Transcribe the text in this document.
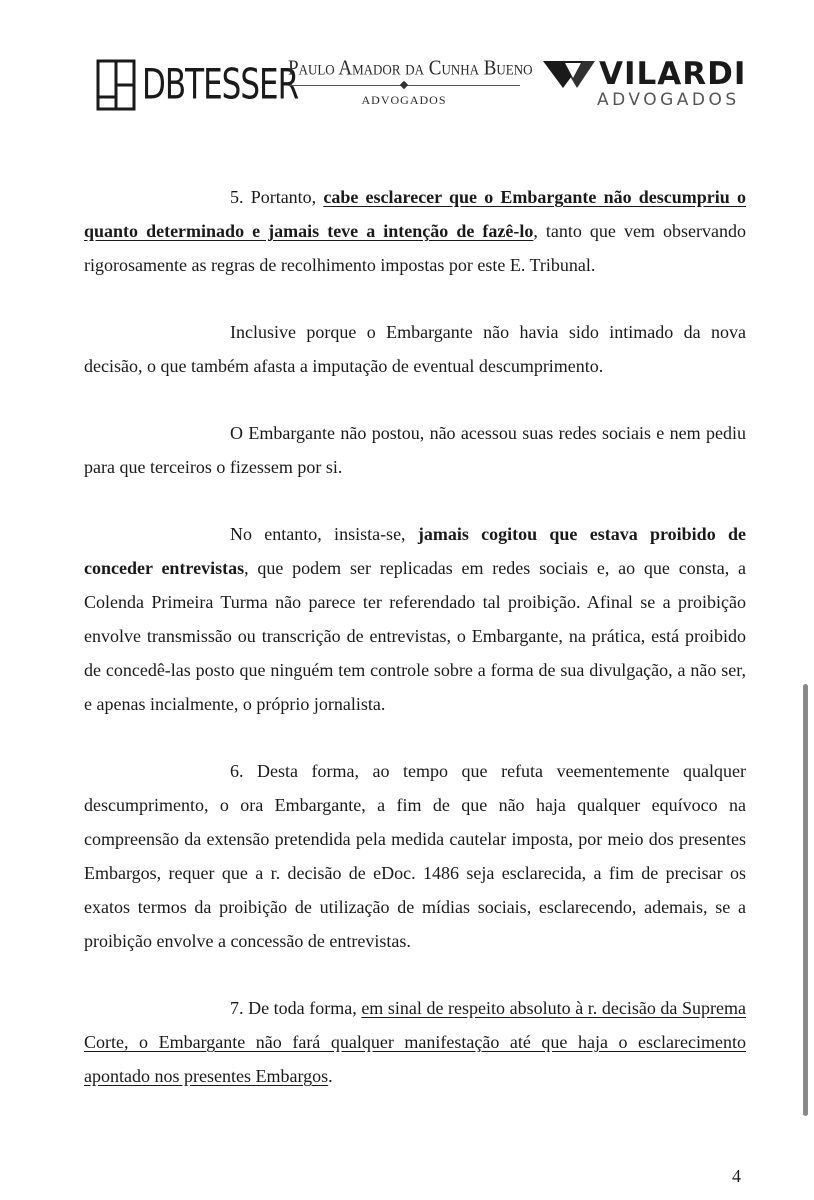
DBTESSER
Paulo Amador da Cunha Bueno
ADVOGADOS
VILARDI
ADVOGADOS

5. Portanto, cabe esclarecer que o Embargante não descumpriu o quanto determinado e jamais teve a intenção de fazê-lo, tanto que vem observando rigorosamente as regras de recolhimento impostas por este E. Tribunal.

Inclusive porque o Embargante não havia sido intimado da nova decisão, o que também afasta a imputação de eventual descumprimento.

O Embargante não postou, não acessou suas redes sociais e nem pediu para que terceiros o fizessem por si.

No entanto, insista-se, jamais cogitou que estava proibido de conceder entrevistas, que podem ser replicadas em redes sociais e, ao que consta, a Colenda Primeira Turma não parece ter referendado tal proibição. Afinal se a proibição envolve transmissão ou transcrição de entrevistas, o Embargante, na prática, está proibido de concedê-las posto que ninguém tem controle sobre a forma de sua divulgação, a não ser, e apenas incialmente, o próprio jornalista.

6. Desta forma, ao tempo que refuta veementemente qualquer descumprimento, o ora Embargante, a fim de que não haja qualquer equívoco na compreensão da extensão pretendida pela medida cautelar imposta, por meio dos presentes Embargos, requer que a r. decisão de eDoc. 1486 seja esclarecida, a fim de precisar os exatos termos da proibição de utilização de mídias sociais, esclarecendo, ademais, se a proibição envolve a concessão de entrevistas.

7. De toda forma, em sinal de respeito absoluto à r. decisão da Suprema Corte, o Embargante não fará qualquer manifestação até que haja o esclarecimento apontado nos presentes Embargos.

4
